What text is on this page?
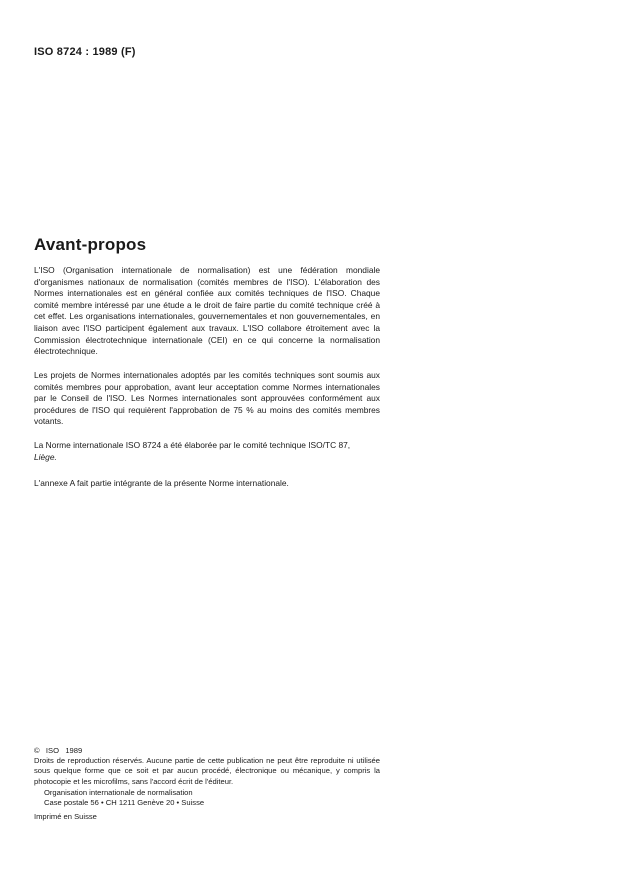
ISO 8724 : 1989 (F)
Avant-propos

L'ISO (Organisation internationale de normalisation) est une fédération mondiale d'organismes nationaux de normalisation (comités membres de l'ISO). L'élaboration des Normes internationales est en général confiée aux comités techniques de l'ISO. Chaque comité membre intéressé par une étude a le droit de faire partie du comité technique créé à cet effet. Les organisations internationales, gouvernementales et non gouvernementales, en liaison avec l'ISO participent également aux travaux. L'ISO collabore étroitement avec la Commission électrotechnique internationale (CEI) en ce qui concerne la normalisation électrotechnique.

Les projets de Normes internationales adoptés par les comités techniques sont soumis aux comités membres pour approbation, avant leur acceptation comme Normes internationales par le Conseil de l'ISO. Les Normes internationales sont approuvées conformément aux procédures de l'ISO qui requièrent l'approbation de 75 % au moins des comités membres votants.

La Norme internationale ISO 8724 a été élaborée par le comité technique ISO/TC 87,
Liège.

L'annexe A fait partie intégrante de la présente Norme internationale.

©   ISO   1989

Droits de reproduction réservés. Aucune partie de cette publication ne peut être reproduite ni utilisée sous quelque forme que ce soit et par aucun procédé, électronique ou mécanique, y compris la photocopie et les microfilms, sans l'accord écrit de l'éditeur.

Organisation internationale de normalisation
Case postale 56 • CH 1211 Genève 20 • Suisse
Imprimé en Suisse
